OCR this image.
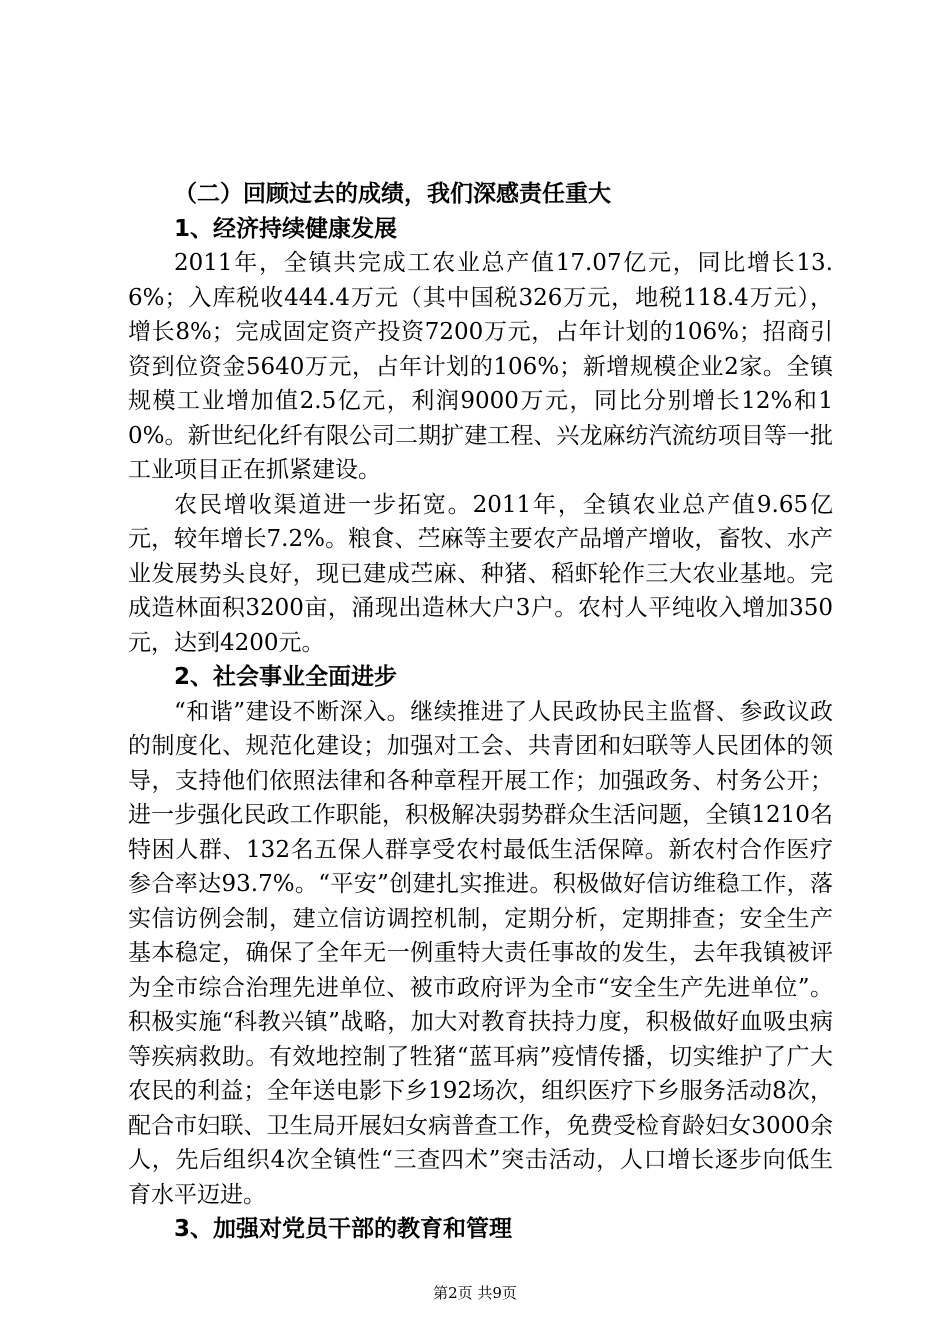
（二）回顾过去的成绩，我们深感责任重大
1、经济持续健康发展

2011年，全镇共完成工农业总产值17.07亿元，同比增长13.6%；入库税收444.4万元（其中国税326万元，地税118.4万元），增长8%；完成固定资产投资7200万元，占年计划的106%；招商引资到位资金5640万元，占年计划的106%；新增规模企业2家。全镇规模工业增加值2.5亿元，利润9000万元，同比分别增长12%和10%。新世纪化纤有限公司二期扩建工程、兴龙麻纺汽流纺项目等一批工业项目正在抓紧建设。

农民增收渠道进一步拓宽。2011年，全镇农业总产值9.65亿元，较年增长7.2%。粮食、苎麻等主要农产品增产增收，畜牧、水产业发展势头良好，现已建成苎麻、种猪、稻虾轮作三大农业基地。完成造林面积3200亩，涌现出造林大户3户。农村人平纯收入增加350元，达到4200元。

2、社会事业全面进步

“和谐”建设不断深入。继续推进了人民政协民主监督、参政议政的制度化、规范化建设；加强对工会、共青团和妇联等人民团体的领导，支持他们依照法律和各种章程开展工作；加强政务、村务公开；进一步强化民政工作职能，积极解决弱势群众生活问题，全镇1210名特困人群、132名五保人群享受农村最低生活保障。新农村合作医疗参合率达93.7%。“平安”创建扎实推进。积极做好信访维稳工作，落实信访例会制，建立信访调控机制，定期分析，定期排查；安全生产基本稳定，确保了全年无一例重特大责任事故的发生，去年我镇被评为全市综合治理先进单位、被市政府评为全市“安全生产先进单位”。积极实施“科教兴镇”战略，加大对教育扶持力度，积极做好血吸虫病等疾病救助。有效地控制了牲猪“蓝耳病”疫情传播，切实维护了广大农民的利益；全年送电影下乡192场次，组织医疗下乡服务活动8次，配合市妇联、卫生局开展妇女病普查工作，免费受检育龄妇女3000余人，先后组织4次全镇性“三查四术”突击活动，人口增长逐步向低生育水平迈进。

3、加强对党员干部的教育和管理
第2页 共9页
